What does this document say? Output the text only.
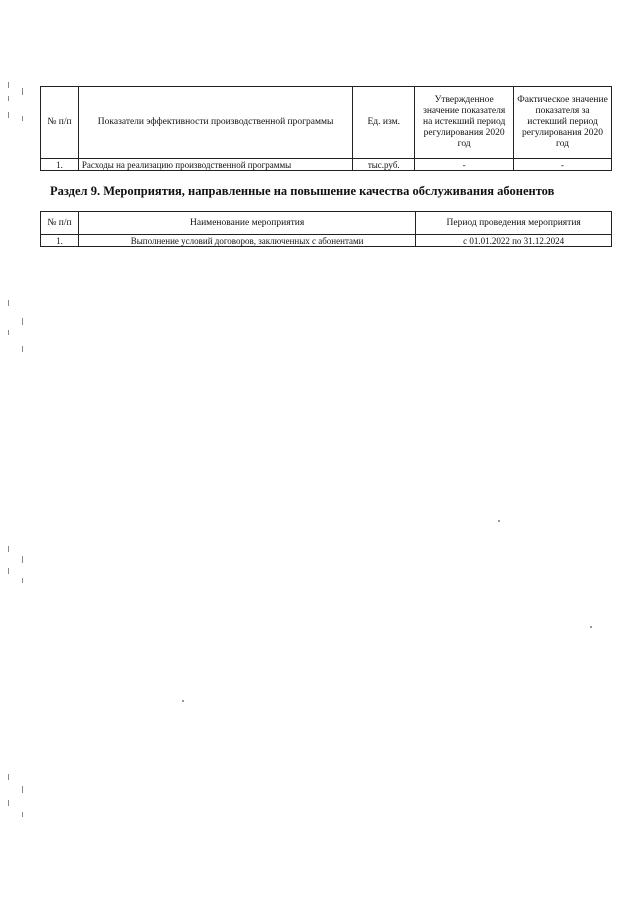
№ п/п	Показатели эффективности производственной программы	Ед. изм.	Утвержденное значение показателя на истекший период регулирования 2020 год	Фактическое значение показателя за истекший период регулирования 2020 год
1.	Расходы на реализацию производственной программы	тыс.руб.	-	-
Раздел 9. Мероприятия, направленные на повышение качества обслуживания абонентов
№ п/п	Наименование мероприятия	Период проведения мероприятия
1.	Выполнение условий договоров, заключенных с абонентами	с 01.01.2022 по 31.12.2024
